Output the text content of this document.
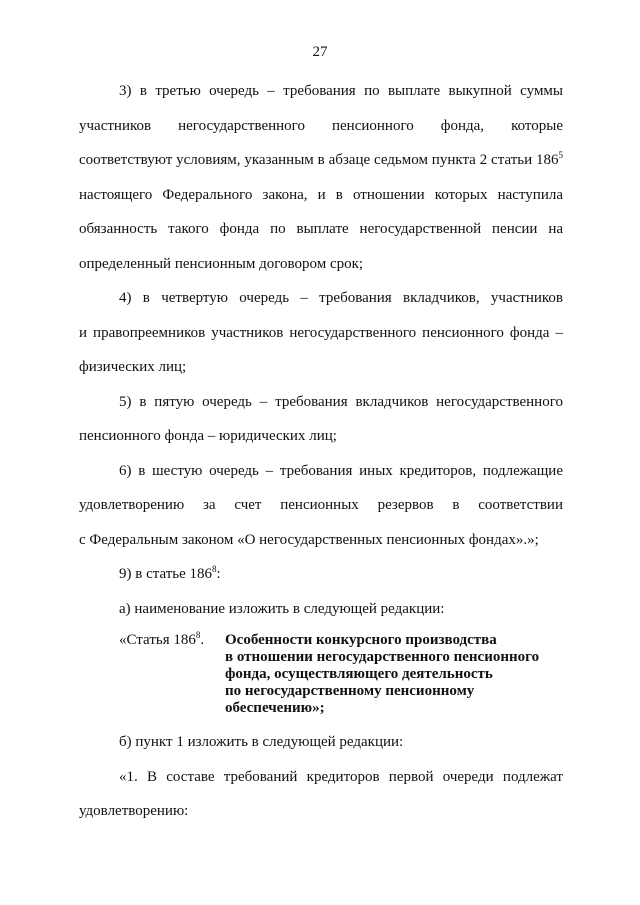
27

3) в третью очередь – требования по выплате выкупной суммы

участников негосударственного пенсионного фонда, которые

соответствуют условиям, указанным в абзаце седьмом пункта 2 статьи $186^5$

настоящего Федерального закона, и в отношении которых наступила

обязанность такого фонда по выплате негосударственной пенсии на

определенный пенсионным договором срок;

4) в четвертую очередь – требования вкладчиков, участников

и правопреемников участников негосударственного пенсионного фонда –

физических лиц;

5) в пятую очередь – требования вкладчиков негосударственного

пенсионного фонда – юридических лиц;

6) в шестую очередь – требования иных кредиторов, подлежащие

удовлетворению за счет пенсионных резервов в соответствии

с Федеральным законом «О негосударственных пенсионных фондах».»;

9) в статье $186^8$:

а) наименование изложить в следующей редакции:

«Статья $186^8$.	Особенности конкурсного производства
в отношении негосударственного пенсионного
фонда, осуществляющего деятельность
по негосударственному пенсионному
обеспечению»;

б) пункт 1 изложить в следующей редакции:

«1. В составе требований кредиторов первой очереди подлежат

удовлетворению:
